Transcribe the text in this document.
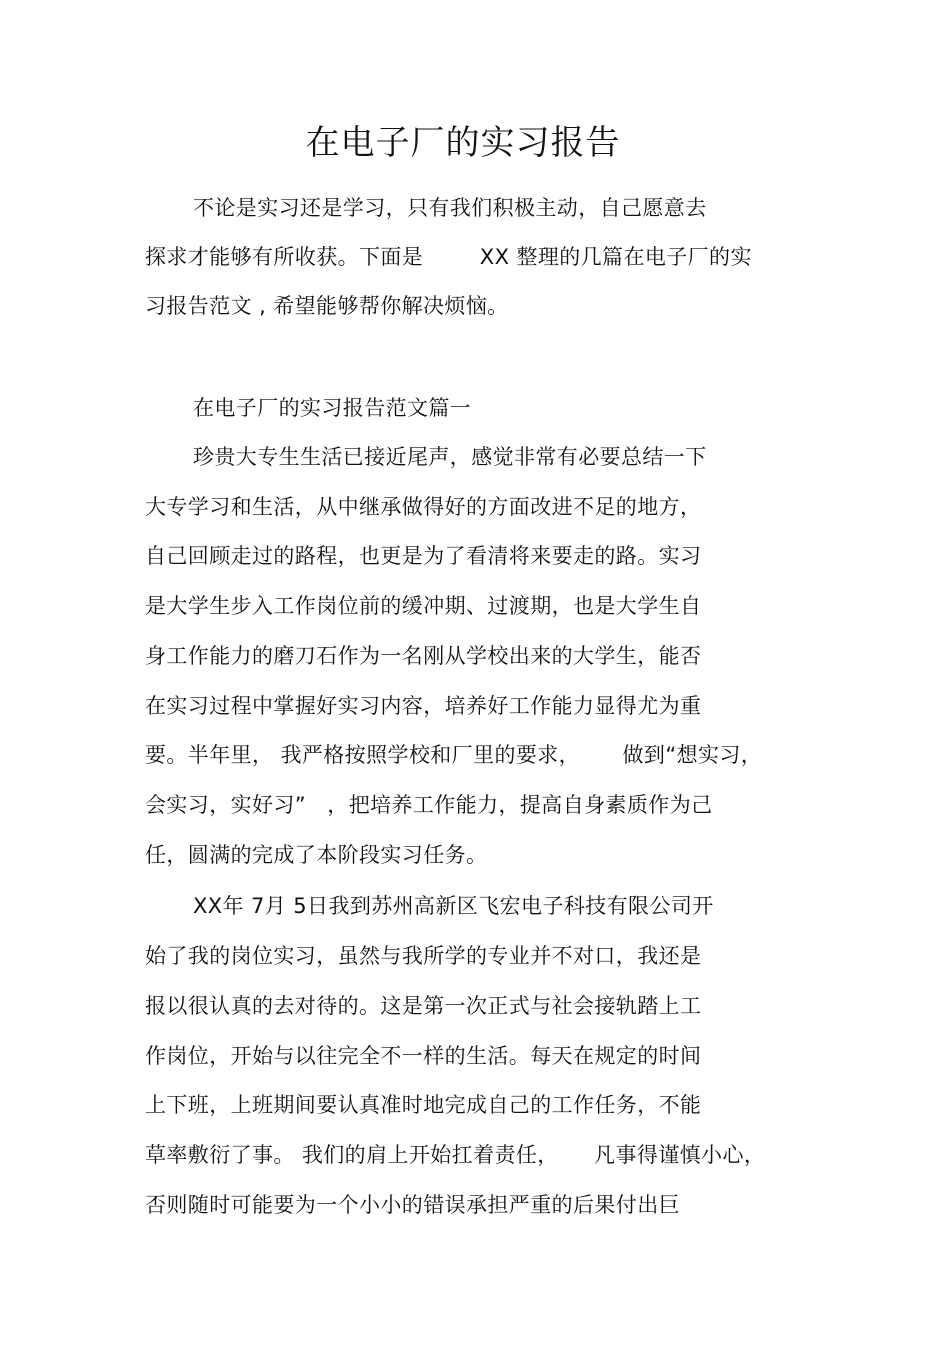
在电子厂的实习报告
不论是实习还是学习，只有我们积极主动，自己愿意去
探求才能够有所收获。下面是        XX 整理的几篇在电子厂的实
习报告范文 , 希望能够帮你解决烦恼。
在电子厂的实习报告范文篇一
珍贵大专生生活已接近尾声，感觉非常有必要总结一下
大专学习和生活，从中继承做得好的方面改进不足的地方，
自己回顾走过的路程，也更是为了看清将来要走的路。实习
是大学生步入工作岗位前的缓冲期、过渡期，也是大学生自
身工作能力的磨刀石作为一名刚从学校出来的大学生，能否
在实习过程中掌握好实习内容，培养好工作能力显得尤为重
要。半年里， 我严格按照学校和厂里的要求，      做到“想实习，
会实习，实好习”   ，把培养工作能力，提高自身素质作为己
任，圆满的完成了本阶段实习任务。
XX年 7月 5日我到苏州高新区飞宏电子科技有限公司开
始了我的岗位实习，虽然与我所学的专业并不对口，我还是
报以很认真的去对待的。这是第一次正式与社会接轨踏上工
作岗位，开始与以往完全不一样的生活。每天在规定的时间
上下班，上班期间要认真准时地完成自己的工作任务，不能
草率敷衍了事。 我们的肩上开始扛着责任，     凡事得谨慎小心，
否则随时可能要为一个小小的错误承担严重的后果付出巨
